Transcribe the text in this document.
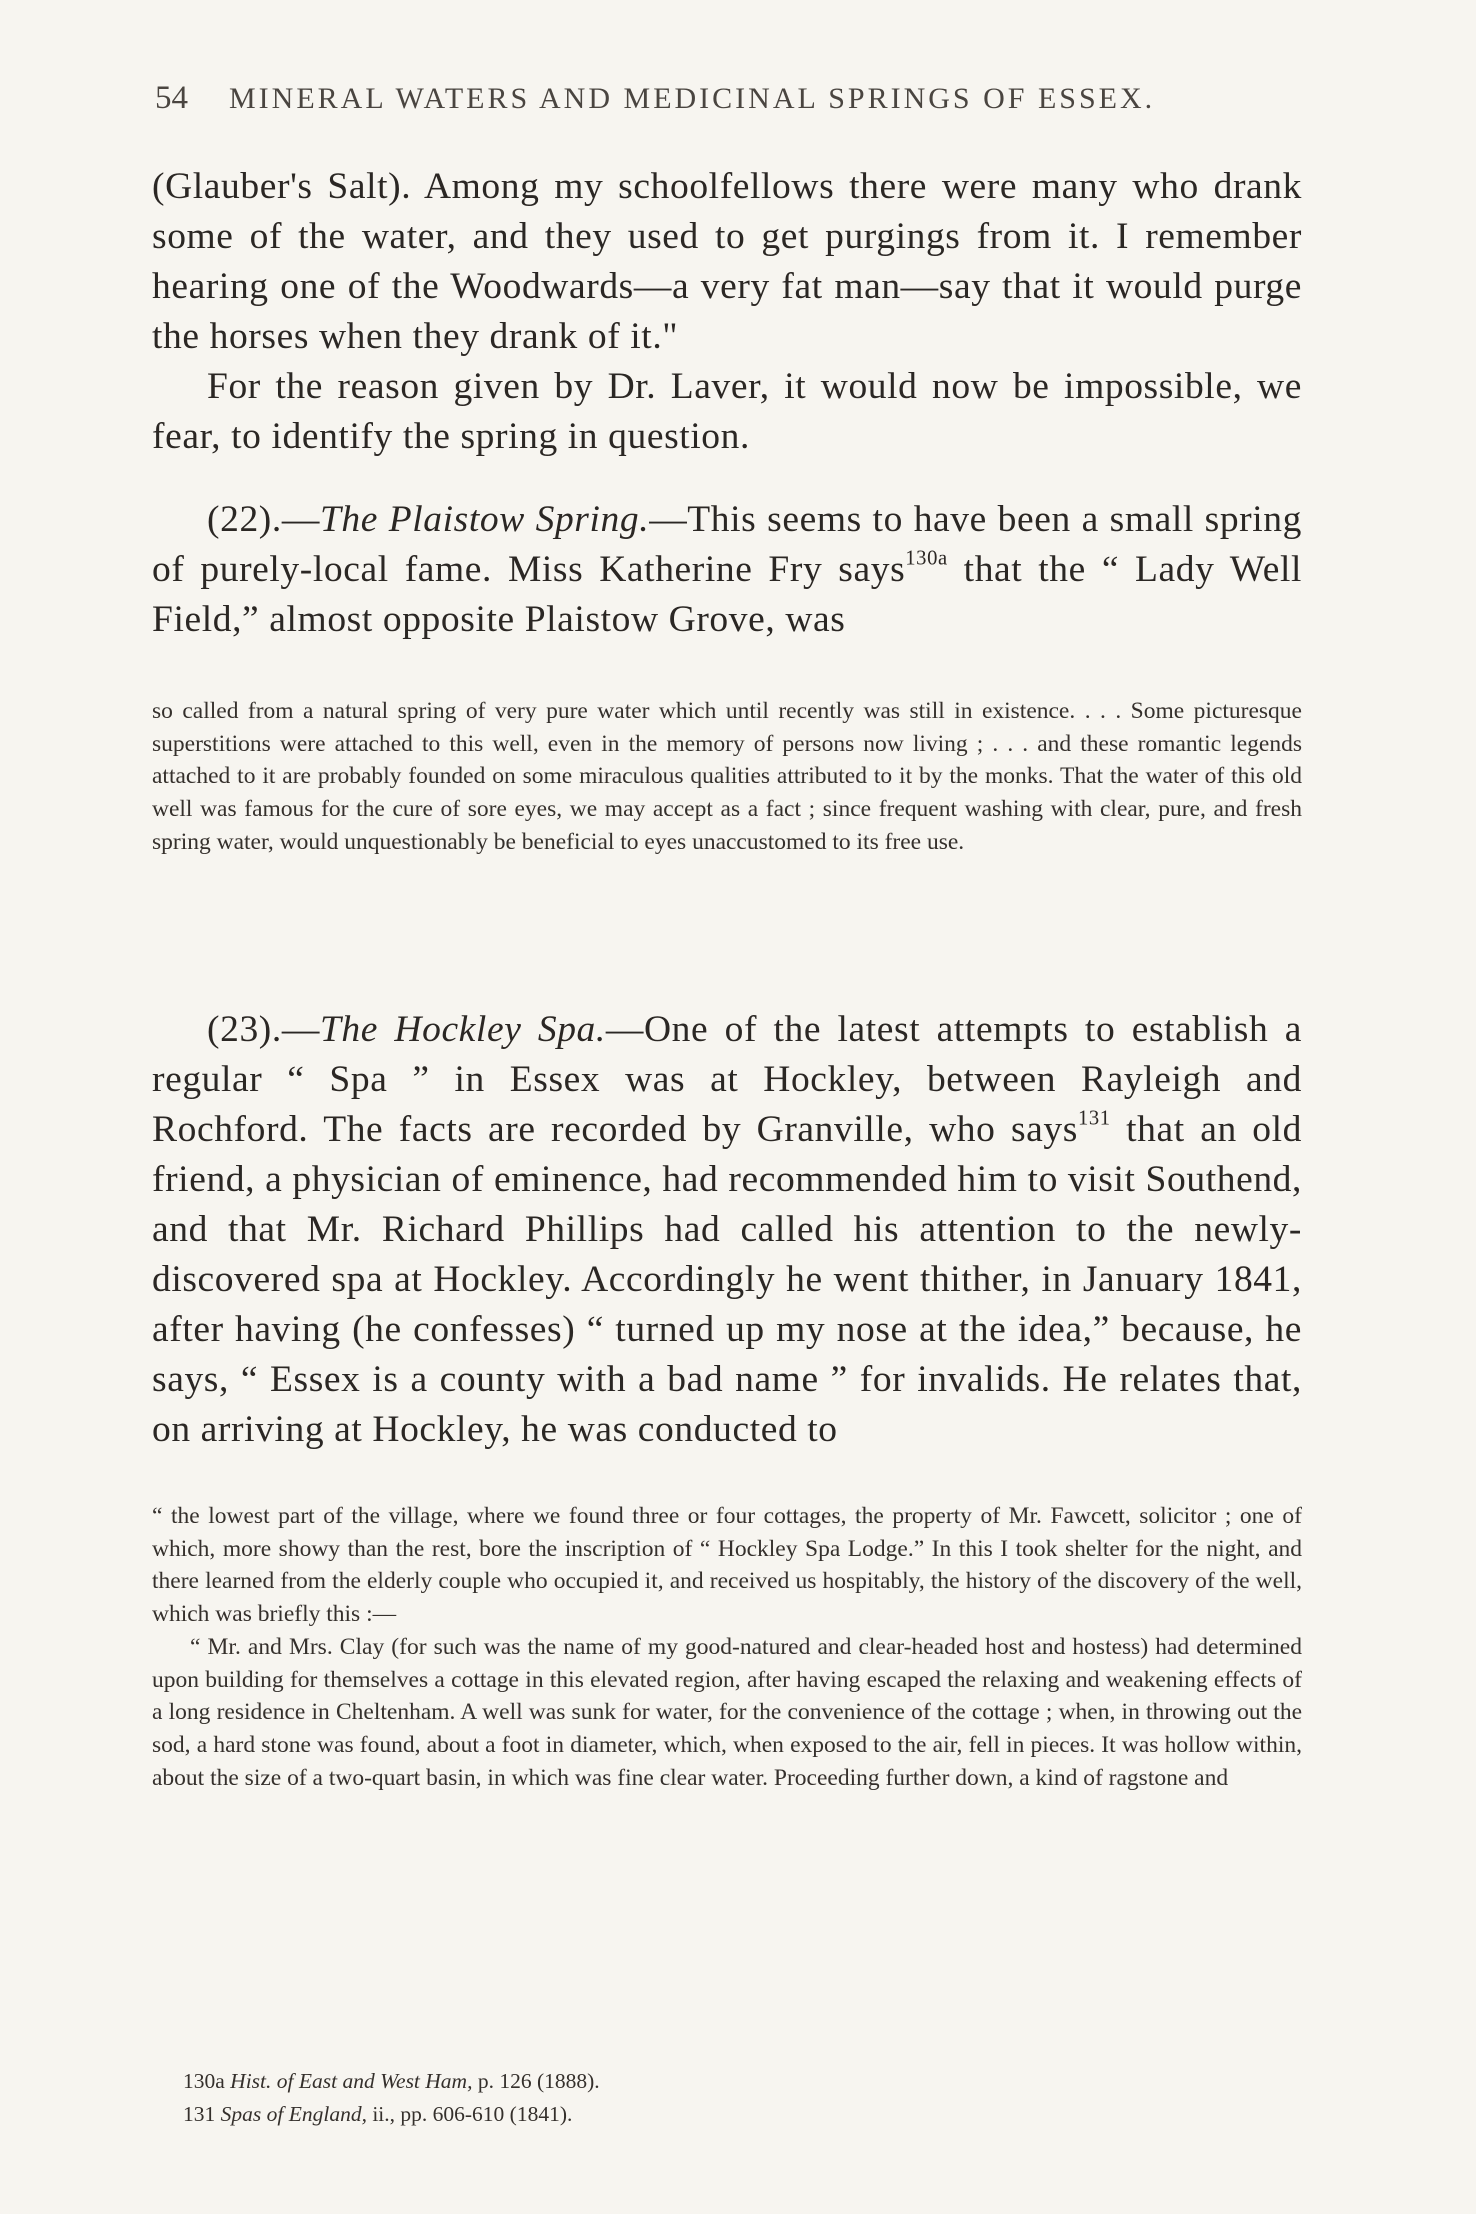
54 MINERAL WATERS AND MEDICINAL SPRINGS OF ESSEX.

(Glauber's Salt). Among my schoolfellows there were many who drank some of the water, and they used to get purgings from it. I remember hearing one of the Woodwards—a very fat man—say that it would purge the horses when they drank of it."

For the reason given by Dr. Laver, it would now be impossible, we fear, to identify the spring in question.

(22).—The Plaistow Spring.—This seems to have been a small spring of purely-local fame. Miss Katherine Fry says$^{130a}$ that the “ Lady Well Field,” almost opposite Plaistow Grove, was

so called from a natural spring of very pure water which until recently was still in existence. . . . Some picturesque superstitions were attached to this well, even in the memory of persons now living ; . . . and these romantic legends attached to it are probably founded on some miraculous qualities attributed to it by the monks. That the water of this old well was famous for the cure of sore eyes, we may accept as a fact ; since frequent washing with clear, pure, and fresh spring water, would unquestionably be beneficial to eyes unaccustomed to its free use.

(23).—The Hockley Spa.—One of the latest attempts to establish a regular “ Spa ” in Essex was at Hockley, between Rayleigh and Rochford. The facts are recorded by Granville, who says$^{131}$ that an old friend, a physician of eminence, had recommended him to visit Southend, and that Mr. Richard Phillips had called his attention to the newly-discovered spa at Hockley. Accordingly he went thither, in January 1841, after having (he confesses) “ turned up my nose at the idea,” because, he says, “ Essex is a county with a bad name ” for invalids. He relates that, on arriving at Hockley, he was conducted to

“ the lowest part of the village, where we found three or four cottages, the property of Mr. Fawcett, solicitor ; one of which, more showy than the rest, bore the inscription of “ Hockley Spa Lodge.” In this I took shelter for the night, and there learned from the elderly couple who occupied it, and received us hospitably, the history of the discovery of the well, which was briefly this :—

“ Mr. and Mrs. Clay (for such was the name of my good-natured and clear-headed host and hostess) had determined upon building for themselves a cottage in this elevated region, after having escaped the relaxing and weakening effects of a long residence in Cheltenham. A well was sunk for water, for the convenience of the cottage ; when, in throwing out the sod, a hard stone was found, about a foot in diameter, which, when exposed to the air, fell in pieces. It was hollow within, about the size of a two-quart basin, in which was fine clear water. Proceeding further down, a kind of ragstone and

130a Hist. of East and West Ham, p. 126 (1888).

131 Spas of England, ii., pp. 606-610 (1841).
